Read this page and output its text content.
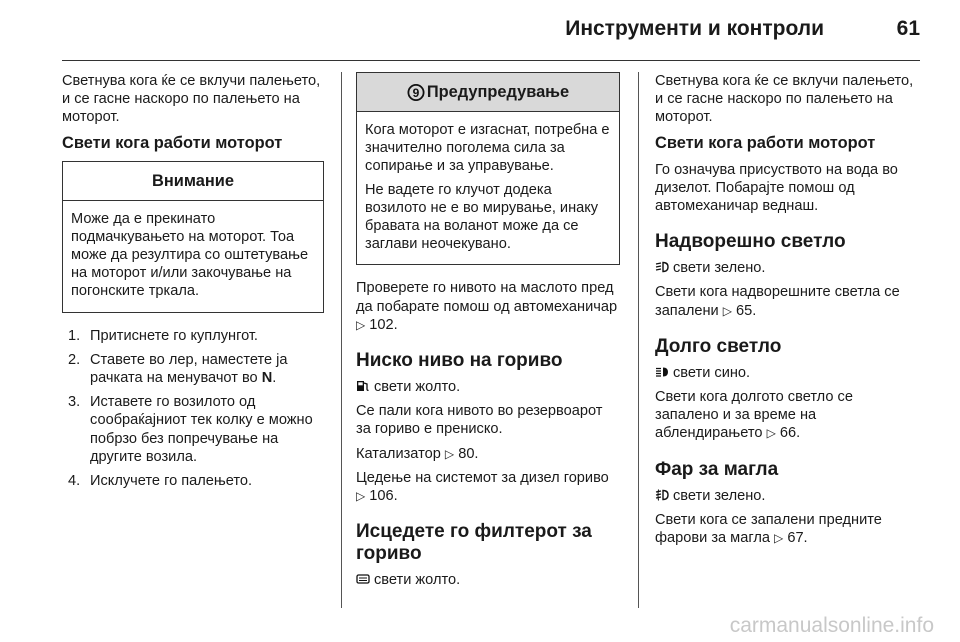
Инструменти и контроли	61

Светнува кога ќе се вклучи палењето, и се гасне наскоро по палењето на моторот.

Свети кога работи моторот
Внимание

Може да е прекинато подмачкувањето на моторот. Тоа може да резултира со оштетување на моторот и/или закочување на погонските тркала.

1. Притиснете го куплунгот.
2. Ставете во лер, наместете ја рачката на менувачот во N.
3. Иставете го возилото од сообраќајниот тек колку е можно побрзо без попречување на другите возила.
4. Исклучете го палењето.
9 Предупредување

Кога моторот е изгаснат, потребна е значително поголема сила за сопирање и за управување.

Не вадете го клучот додека возилото не е во мирување, инаку бравата на воланот може да се заглави неочекувано.

Проверете го нивото на маслото пред да побарате помош од автомеханичар ▷ 102.

Ниско ниво на гориво

свети жолто.

Се пали кога нивото во резервоарот за гориво е прениско.

Катализатор ▷ 80.

Цедење на системот за дизел гориво ▷ 106.

Исцедете го филтерот за гориво

свети жолто.

Светнува кога ќе се вклучи палењето, и се гасне наскоро по палењето на моторот.

Свети кога работи моторот

Го означува присуството на вода во дизелот. Побарајте помош од автомеханичар веднаш.

Надворешно светло

свети зелено.

Свети кога надворешните светла се запалени ▷ 65.

Долго светло

свети сино.

Свети кога долгото светло се запалено и за време на аблендирањето ▷ 66.

Фар за магла

свети зелено.

Свети кога се запалени предните фарови за магла ▷ 67.

carmanualsonline.info
